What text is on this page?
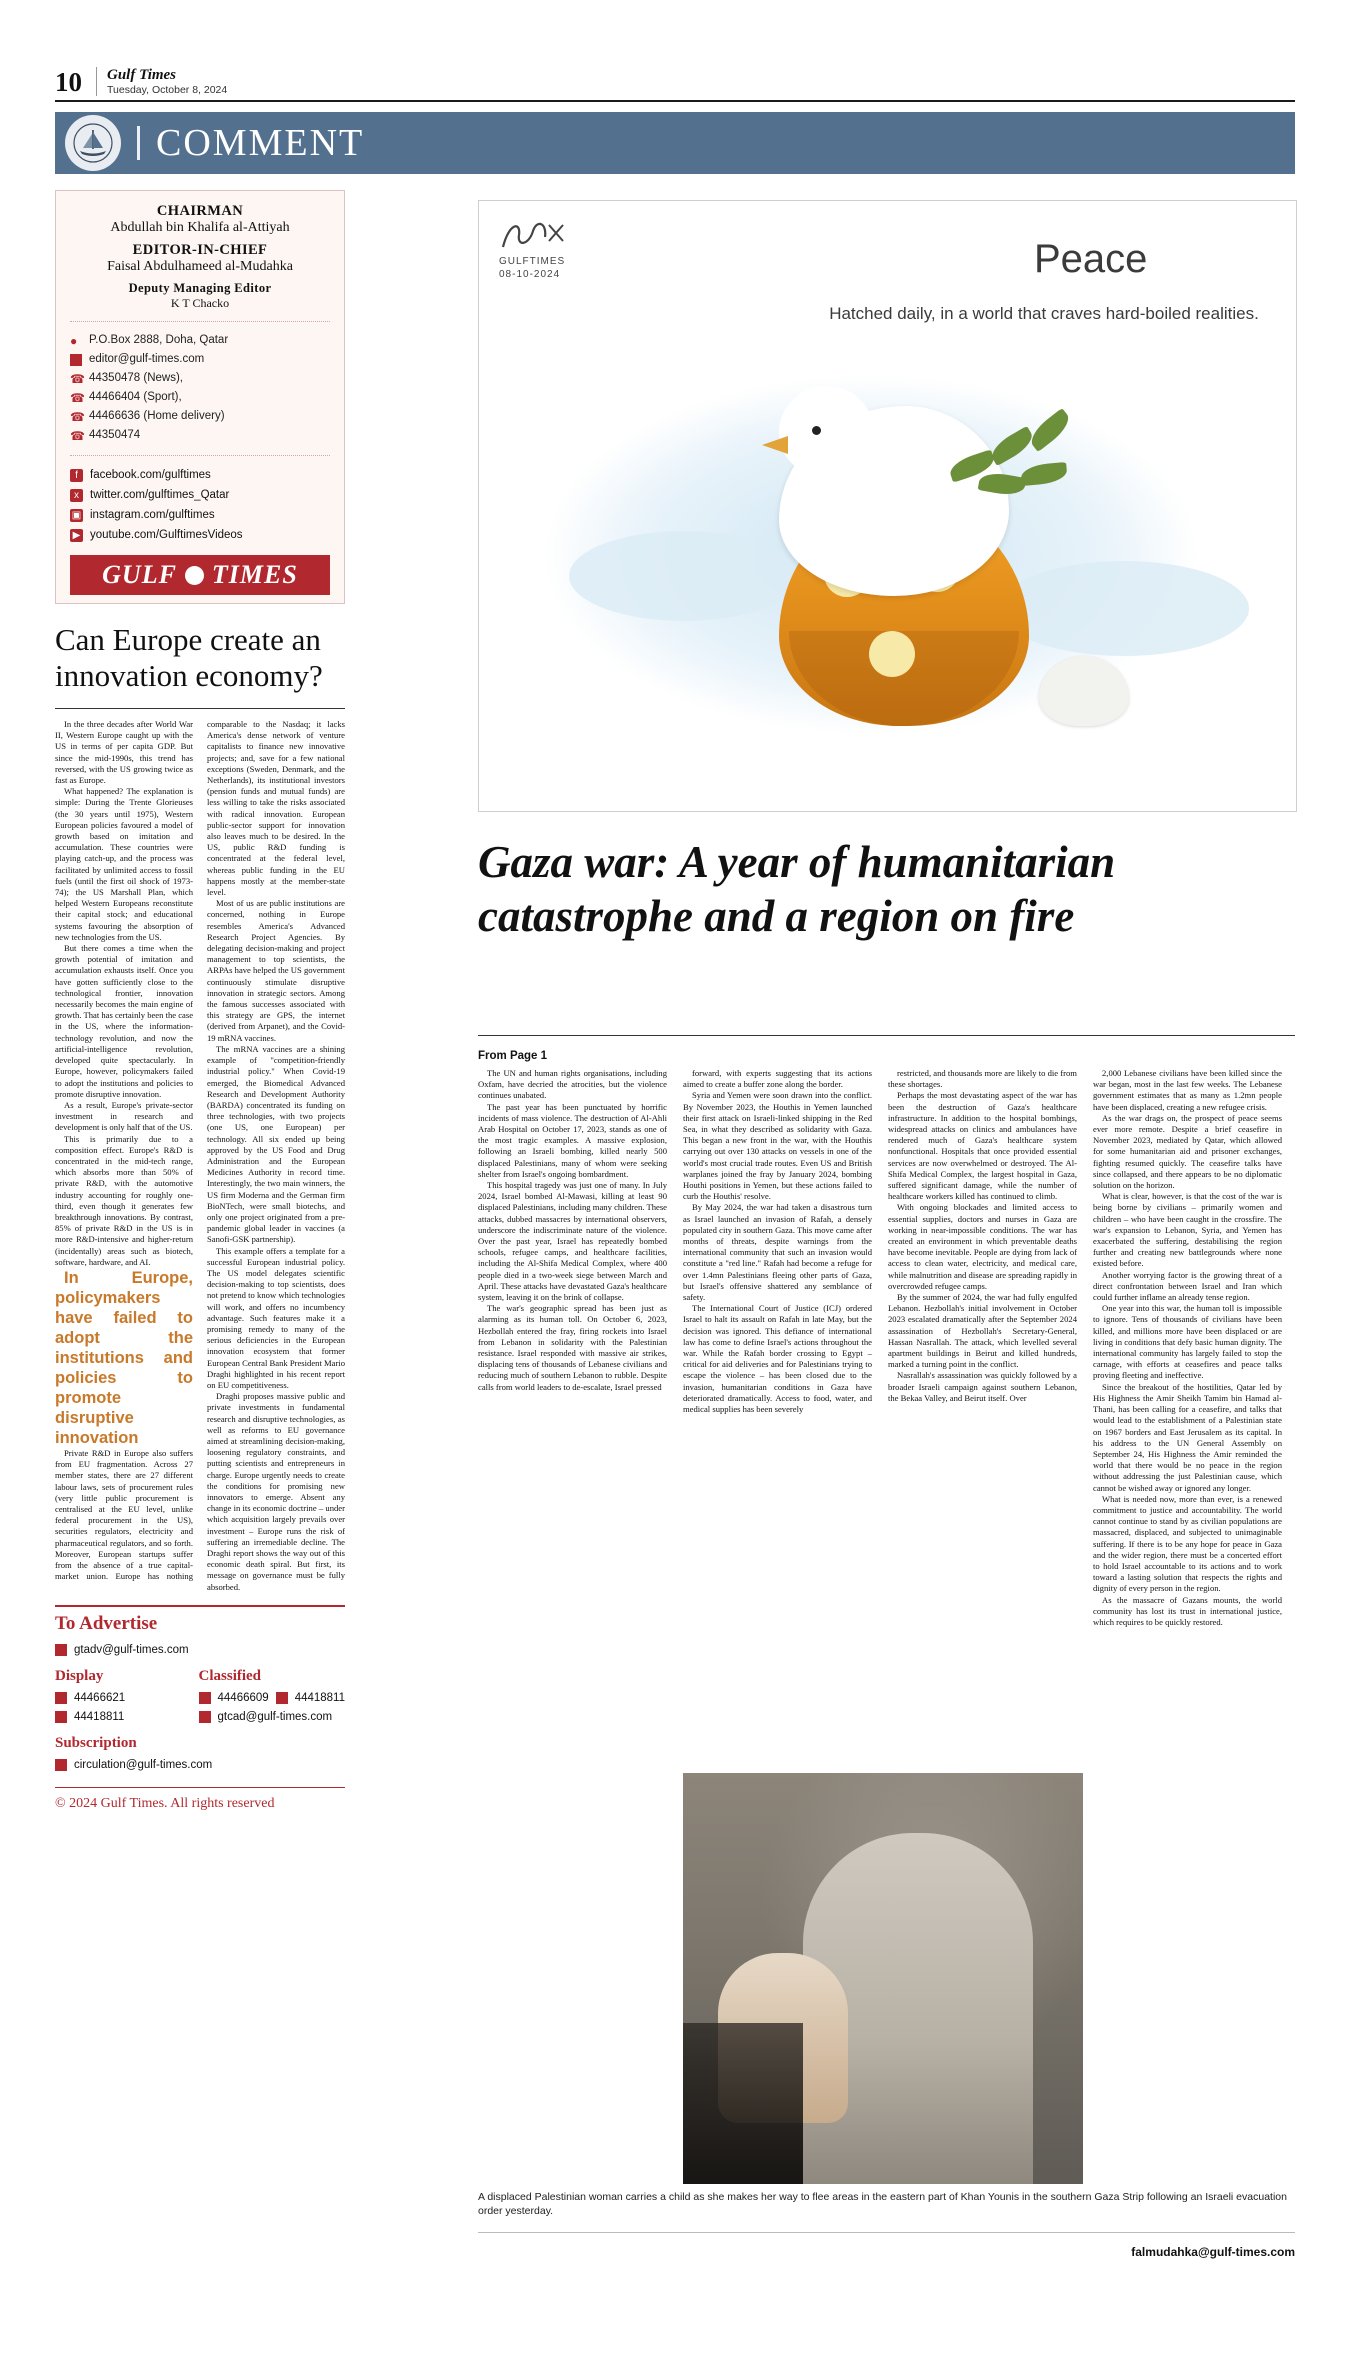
10 Gulf Times
Tuesday, October 8, 2024
COMMENT
CHAIRMAN
Abdullah bin Khalifa al-Attiyah
EDITOR-IN-CHIEF
Faisal Abdulhameed al-Mudahka
Deputy Managing Editor
K T Chacko
●	P.O.Box 2888, Doha, Qatar
editor@gulf-times.com
☎ 44350478 (News),
☎ 44466404 (Sport),
☎ 44466636 (Home delivery)
☎ 44350474
f	facebook.com/gulftimes
x twitter.com/gulftimes_Qatar
▣ instagram.com/gulftimes
▶ youtube.com/GulftimesVideos
GULF TIMES
Can Europe create an innovation economy?

In the three decades after World War II, Western Europe caught up with the US in terms of per capita GDP. But since the mid-1990s, this trend has reversed, with the US growing twice as fast as Europe.

What happened? The explanation is simple: During the Trente Glorieuses (the 30 years until 1975), Western European policies favoured a model of growth based on imitation and accumulation. These countries were playing catch-up, and the process was facilitated by unlimited access to fossil fuels (until the first oil shock of 1973-74); the US Marshall Plan, which helped Western Europeans reconstitute their capital stock; and educational systems favouring the absorption of new technologies from the US.

But there comes a time when the growth potential of imitation and accumulation exhausts itself. Once you have gotten sufficiently close to the technological frontier, innovation necessarily becomes the main engine of growth. That has certainly been the case in the US, where the information-technology revolution, and now the artificial-intelligence revolution, developed quite spectacularly. In Europe, however, policymakers failed to adopt the institutions and policies to promote disruptive innovation.

As a result, Europe's private-sector investment in research and development is only half that of the US.

This is primarily due to a composition effect. Europe's R&D is concentrated in the mid-tech range, which absorbs more than 50% of private R&D, with the automotive industry accounting for roughly one-third, even though it generates few breakthrough innovations. By contrast, 85% of private R&D in the US is in more R&D-intensive and higher-return (incidentally) areas such as biotech, software, hardware, and AI.

In Europe, policymakers have failed to adopt the institutions and policies to promote disruptive innovation

Private R&D in Europe also suffers from EU fragmentation. Across 27 member states, there are 27 different labour laws, sets of procurement rules (very little public procurement is centralised at the EU level, unlike federal procurement in the US), securities regulators, electricity and pharmaceutical regulators, and so forth. Moreover, European startups suffer from the absence of a true capital-market union. Europe has nothing comparable to the Nasdaq; it lacks America's dense network of venture capitalists to finance new innovative projects; and, save for a few national exceptions (Sweden, Denmark, and the Netherlands), its institutional investors (pension funds and mutual funds) are less willing to take the risks associated with radical innovation. European public-sector support for innovation also leaves much to be desired. In the US, public R&D funding is concentrated at the federal level, whereas public funding in the EU happens mostly at the member-state level.

Most of us are public institutions are concerned, nothing in Europe resembles America's Advanced Research Project Agencies. By delegating decision-making and project management to top scientists, the ARPAs have helped the US government continuously stimulate disruptive innovation in strategic sectors. Among the famous successes associated with this strategy are GPS, the internet (derived from Arpanet), and the Covid-19 mRNA vaccines.

The mRNA vaccines are a shining example of "competition-friendly industrial policy." When Covid-19 emerged, the Biomedical Advanced Research and Development Authority (BARDA) concentrated its funding on three technologies, with two projects (one US, one European) per technology. All six ended up being approved by the US Food and Drug Administration and the European Medicines Authority in record time. Interestingly, the two main winners, the US firm Moderna and the German firm BioNTech, were small biotechs, and only one project originated from a pre-pandemic global leader in vaccines (a Sanofi-GSK partnership).

This example offers a template for a successful European industrial policy. The US model delegates scientific decision-making to top scientists, does not pretend to know which technologies will work, and offers no incumbency advantage. Such features make it a promising remedy to many of the serious deficiencies in the European innovation ecosystem that former European Central Bank President Mario Draghi highlighted in his recent report on EU competitiveness.

Draghi proposes massive public and private investments in fundamental research and disruptive technologies, as well as reforms to EU governance aimed at streamlining decision-making, loosening regulatory constraints, and putting scientists and entrepreneurs in charge. Europe urgently needs to create the conditions for promising new innovators to emerge. Absent any change in its economic doctrine – under which acquisition largely prevails over investment – Europe runs the risk of suffering an irremediable decline. The Draghi report shows the way out of this economic death spiral. But first, its message on governance must be fully absorbed.

To Advertise
gtadv@gulf-times.com
Display
44466621
44418811
Classified
44466609 44418811
gtcad@gulf-times.com
Subscription
circulation@gulf-times.com
© 2024 Gulf Times. All rights reserved
GULFTIMES
08-10-2024	Peace
Hatched daily, in a world that craves hard-boiled realities.
Gaza war: A year of humanitarian catastrophe and a region on fire
From Page 1

The UN and human rights organisations, including Oxfam, have decried the atrocities, but the violence continues unabated.

The past year has been punctuated by horrific incidents of mass violence. The destruction of Al-Ahli Arab Hospital on October 17, 2023, stands as one of the most tragic examples. A massive explosion, following an Israeli bombing, killed nearly 500 displaced Palestinians, many of whom were seeking shelter from Israel's ongoing bombardment.

This hospital tragedy was just one of many. In July 2024, Israel bombed Al-Mawasi, killing at least 90 displaced Palestinians, including many children. These attacks, dubbed massacres by international observers, underscore the indiscriminate nature of the violence. Over the past year, Israel has repeatedly bombed schools, refugee camps, and healthcare facilities, including the Al-Shifa Medical Complex, where 400 people died in a two-week siege between March and April. These attacks have devastated Gaza's healthcare system, leaving it on the brink of collapse.

The war's geographic spread has been just as alarming as its human toll. On October 6, 2023, Hezbollah entered the fray, firing rockets into Israel from Lebanon in solidarity with the Palestinian resistance. Israel responded with massive air strikes, displacing tens of thousands of Lebanese civilians and reducing much of southern Lebanon to rubble. Despite calls from world leaders to de-escalate, Israel pressed

forward, with experts suggesting that its actions aimed to create a buffer zone along the border.

Syria and Yemen were soon drawn into the conflict. By November 2023, the Houthis in Yemen launched their first attack on Israeli-linked shipping in the Red Sea, in what they described as solidarity with Gaza. This began a new front in the war, with the Houthis carrying out over 130 attacks on vessels in one of the world's most crucial trade routes. Even US and British warplanes joined the fray by January 2024, bombing Houthi positions in Yemen, but these actions failed to curb the Houthis' resolve.

By May 2024, the war had taken a disastrous turn as Israel launched an invasion of Rafah, a densely populated city in southern Gaza. This move came after months of threats, despite warnings from the international community that such an invasion would constitute a "red line." Rafah had become a refuge for over 1.4mn Palestinians fleeing other parts of Gaza, but Israel's offensive shattered any semblance of safety.

The International Court of Justice (ICJ) ordered Israel to halt its assault on Rafah in late May, but the decision was ignored. This defiance of international law has come to define Israel's actions throughout the war. While the Rafah border crossing to Egypt – critical for aid deliveries and for Palestinians trying to escape the violence – has been closed due to the invasion, humanitarian conditions in Gaza have deteriorated dramatically. Access to food, water, and medical supplies has been severely

restricted, and thousands more are likely to die from these shortages.

Perhaps the most devastating aspect of the war has been the destruction of Gaza's healthcare infrastructure. In addition to the hospital bombings, widespread attacks on clinics and ambulances have rendered much of Gaza's healthcare system nonfunctional. Hospitals that once provided essential services are now overwhelmed or destroyed. The Al-Shifa Medical Complex, the largest hospital in Gaza, suffered significant damage, while the number of healthcare workers killed has continued to climb.

With ongoing blockades and limited access to essential supplies, doctors and nurses in Gaza are working in near-impossible conditions. The war has created an environment in which preventable deaths have become inevitable. People are dying from lack of access to clean water, electricity, and medical care, while malnutrition and disease are spreading rapidly in overcrowded refugee camps.

By the summer of 2024, the war had fully engulfed Lebanon. Hezbollah's initial involvement in October 2023 escalated dramatically after the September 2024 assassination of Hezbollah's Secretary-General, Hassan Nasrallah. The attack, which levelled several apartment buildings in Beirut and killed hundreds, marked a turning point in the conflict.

Nasrallah's assassination was quickly followed by a broader Israeli campaign against southern Lebanon, the Bekaa Valley, and Beirut itself. Over

2,000 Lebanese civilians have been killed since the war began, most in the last few weeks. The Lebanese government estimates that as many as 1.2mn people have been displaced, creating a new refugee crisis.

As the war drags on, the prospect of peace seems ever more remote. Despite a brief ceasefire in November 2023, mediated by Qatar, which allowed for some humanitarian aid and prisoner exchanges, fighting resumed quickly. The ceasefire talks have since collapsed, and there appears to be no diplomatic solution on the horizon.

What is clear, however, is that the cost of the war is being borne by civilians – primarily women and children – who have been caught in the crossfire. The war's expansion to Lebanon, Syria, and Yemen has exacerbated the suffering, destabilising the region further and creating new battlegrounds where none existed before.

Another worrying factor is the growing threat of a direct confrontation between Israel and Iran which could further inflame an already tense region.

One year into this war, the human toll is impossible to ignore. Tens of thousands of civilians have been killed, and millions more have been displaced or are living in conditions that defy basic human dignity. The international community has largely failed to stop the carnage, with efforts at ceasefires and peace talks proving fleeting and ineffective.

Since the breakout of the hostilities, Qatar led by His Highness the Amir Sheikh Tamim bin Hamad al-Thani, has been calling for a ceasefire, and talks that would lead to the establishment of a Palestinian state on 1967 borders and East Jerusalem as its capital. In his address to the UN General Assembly on September 24, His Highness the Amir reminded the world that there would be no peace in the region without addressing the just Palestinian cause, which cannot be wished away or ignored any longer.

What is needed now, more than ever, is a renewed commitment to justice and accountability. The world cannot continue to stand by as civilian populations are massacred, displaced, and subjected to unimaginable suffering. If there is to be any hope for peace in Gaza and the wider region, there must be a concerted effort to hold Israel accountable to its actions and to work toward a lasting solution that respects the rights and dignity of every person in the region.

As the massacre of Gazans mounts, the world community has lost its trust in international justice, which requires to be quickly restored.

A displaced Palestinian woman carries a child as she makes her way to flee areas in the eastern part of Khan Younis in the southern Gaza Strip following an Israeli evacuation order yesterday.
falmudahka@gulf-times.com
